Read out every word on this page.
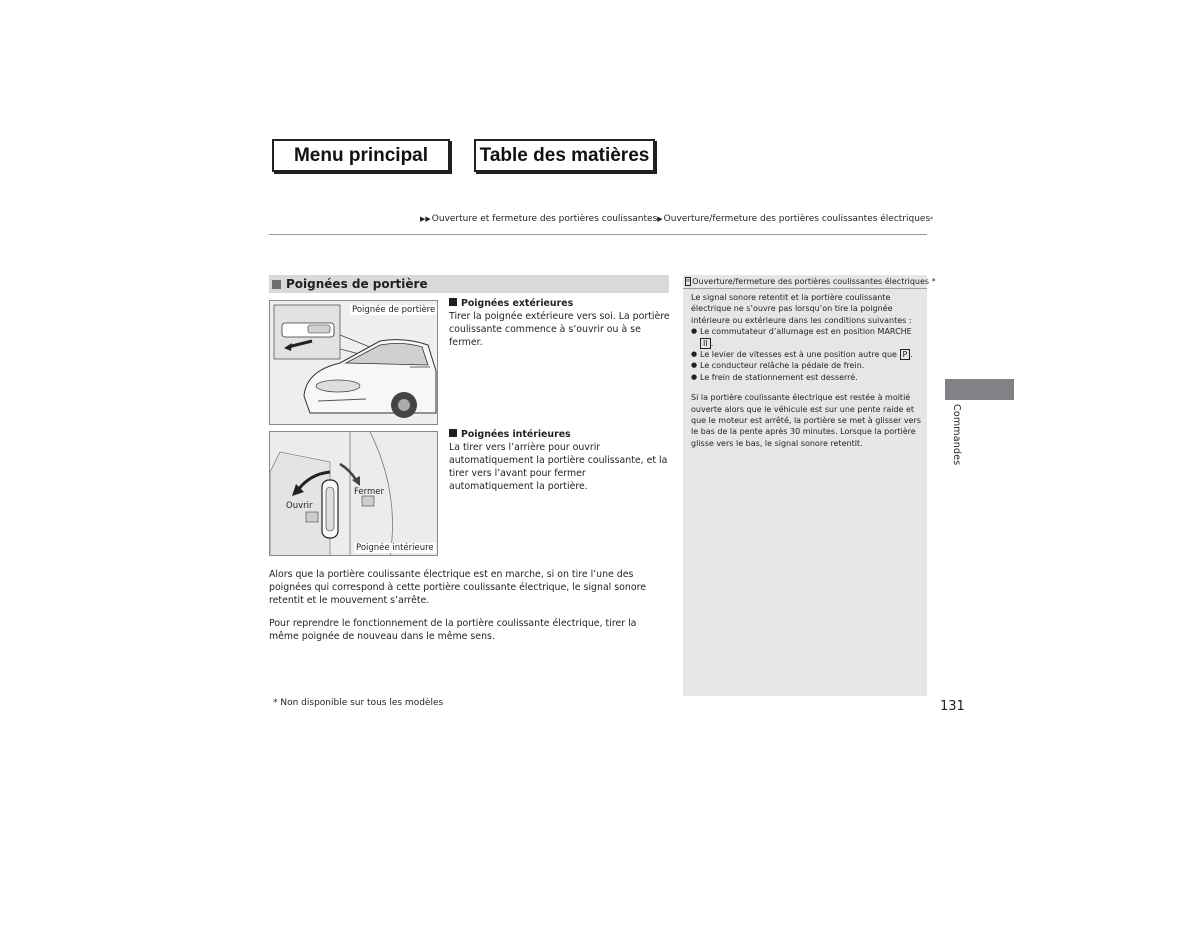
Menu principal	Table des matières
▶▶ Ouverture et fermeture des portières coulissantes ▶ Ouverture/fermeture des portières coulissantes électriques *
Poignées de portière
Poignée de portière
Fermer
Ouvrir
Poignée intérieure
Poignées extérieures
Tirer la poignée extérieure vers soi. La portière coulissante commence à s’ouvrir ou à se fermer.
Poignées intérieures
La tirer vers l’arrière pour ouvrir automatiquement la portière coulissante, et la tirer vers l’avant pour fermer automatiquement la portière.
Alors que la portière coulissante électrique est en marche, si on tire l’une des poignées qui correspond à cette portière coulissante électrique, le signal sonore retentit et le mouvement s’arrête.
Pour reprendre le fonctionnement de la portière coulissante électrique, tirer la même poignée de nouveau dans le même sens.
≡ Ouverture/fermeture des portières coulissantes électriques *
Le signal sonore retentit et la portière coulissante électrique ne s’ouvre pas lorsqu’on tire la poignée intérieure ou extérieure dans les conditions suivantes :
● Le commutateur d’allumage est en position MARCHE II .
● Le levier de vitesses est à une position autre que P .
● Le conducteur relâche la pédale de frein.
● Le frein de stationnement est desserré.
Si la portière coulissante électrique est restée à moitié ouverte alors que le véhicule est sur une pente raide et que le moteur est arrêté, la portière se met à glisser vers le bas de la pente après 30 minutes. Lorsque la portière glisse vers le bas, le signal sonore retentit.	Commandes
* Non disponible sur tous les modèles	131
